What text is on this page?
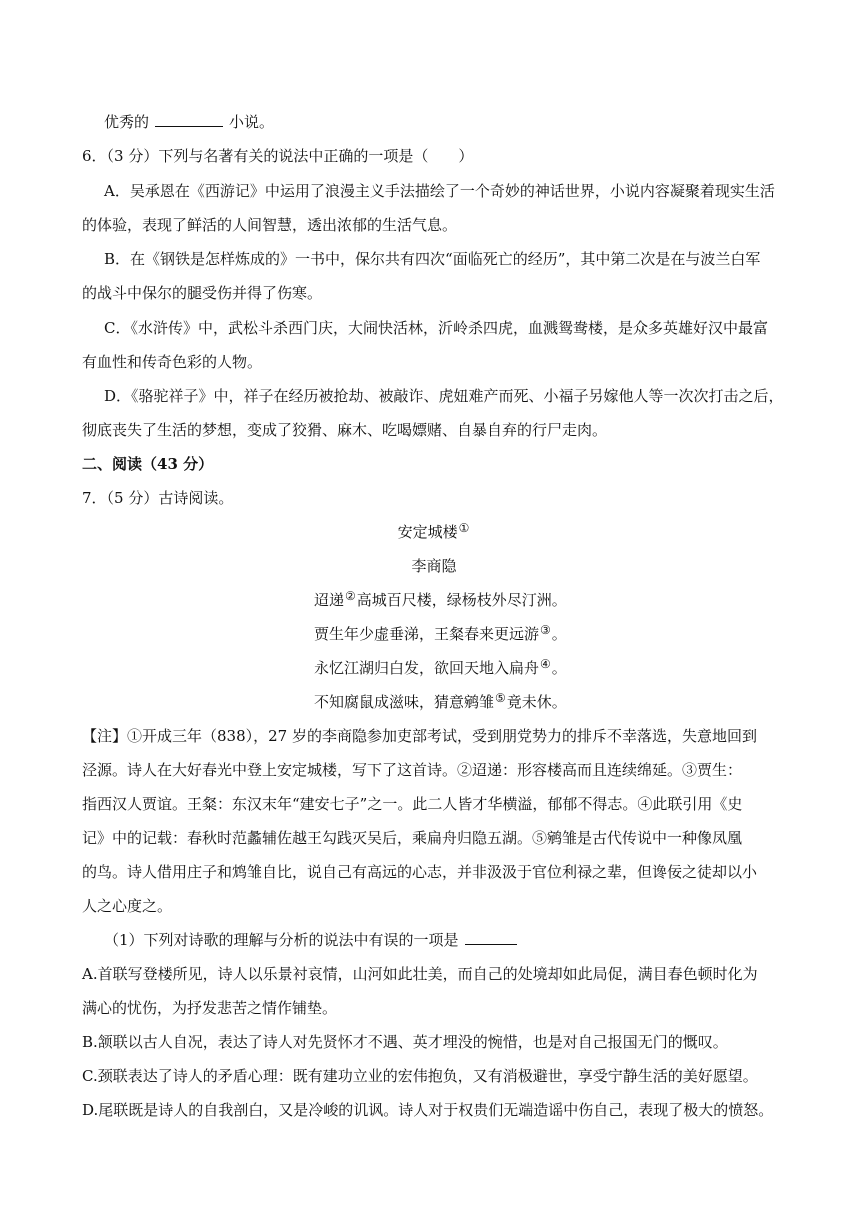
优秀的	小说。
6．（3 分）下列与名著有关的说法中正确的一项是（　　）
A．吴承恩在《西游记》中运用了浪漫主义手法描绘了一个奇妙的神话世界，小说内容凝聚着现实生活
的体验，表现了鲜活的人间智慧，透出浓郁的生活气息。
B．在《钢铁是怎样炼成的》一书中，保尔共有四次“面临死亡的经历”，其中第二次是在与波兰白军
的战斗中保尔的腿受伤并得了伤寒。
C．《水浒传》中，武松斗杀西门庆，大闹快活林，沂岭杀四虎，血溅鸳鸯楼，是众多英雄好汉中最富
有血性和传奇色彩的人物。
D．《骆驼祥子》中，祥子在经历被抢劫、被敲诈、虎妞难产而死、小福子另嫁他人等一次次打击之后，
彻底丧失了生活的梦想，变成了狡猾、麻木、吃喝嫖赌、自暴自弃的行尸走肉。
二、阅读（43 分）
7．（5 分）古诗阅读。
安定城楼①
李商隐
迢递②高城百尺楼，绿杨枝外尽汀洲。
贾生年少虚垂涕，王粲春来更远游③。
永忆江湖归白发，欲回天地入扁舟④。
不知腐鼠成滋味，猜意鹓雏⑤竟未休。
【注】①开成三年（838），27 岁的李商隐参加吏部考试，受到朋党势力的排斥不幸落选，失意地回到
泾源。诗人在大好春光中登上安定城楼，写下了这首诗。②迢递：形容楼高而且连续绵延。③贾生：
指西汉人贾谊。王粲：东汉末年“建安七子”之一。此二人皆才华横溢，郁郁不得志。④此联引用《史
记》中的记载：春秋时范蠡辅佐越王勾践灭吴后，乘扁舟归隐五湖。⑤鹓雏是古代传说中一种像凤凰
的鸟。诗人借用庄子和鸩雏自比，说自己有高远的心志，并非汲汲于官位利禄之辈，但谗佞之徒却以小
人之心度之。
（1）下列对诗歌的理解与分析的说法中有误的一项是
A.首联写登楼所见，诗人以乐景衬哀情，山河如此壮美，而自己的处境却如此局促，满目春色顿时化为
满心的忧伤，为抒发悲苦之情作铺垫。
B.颔联以古人自况，表达了诗人对先贤怀才不遇、英才埋没的惋惜，也是对自己报国无门的慨叹。
C.颈联表达了诗人的矛盾心理：既有建功立业的宏伟抱负，又有消极避世，享受宁静生活的美好愿望。
D.尾联既是诗人的自我剖白，又是冷峻的讥讽。诗人对于权贵们无端造谣中伤自己，表现了极大的愤怒。
